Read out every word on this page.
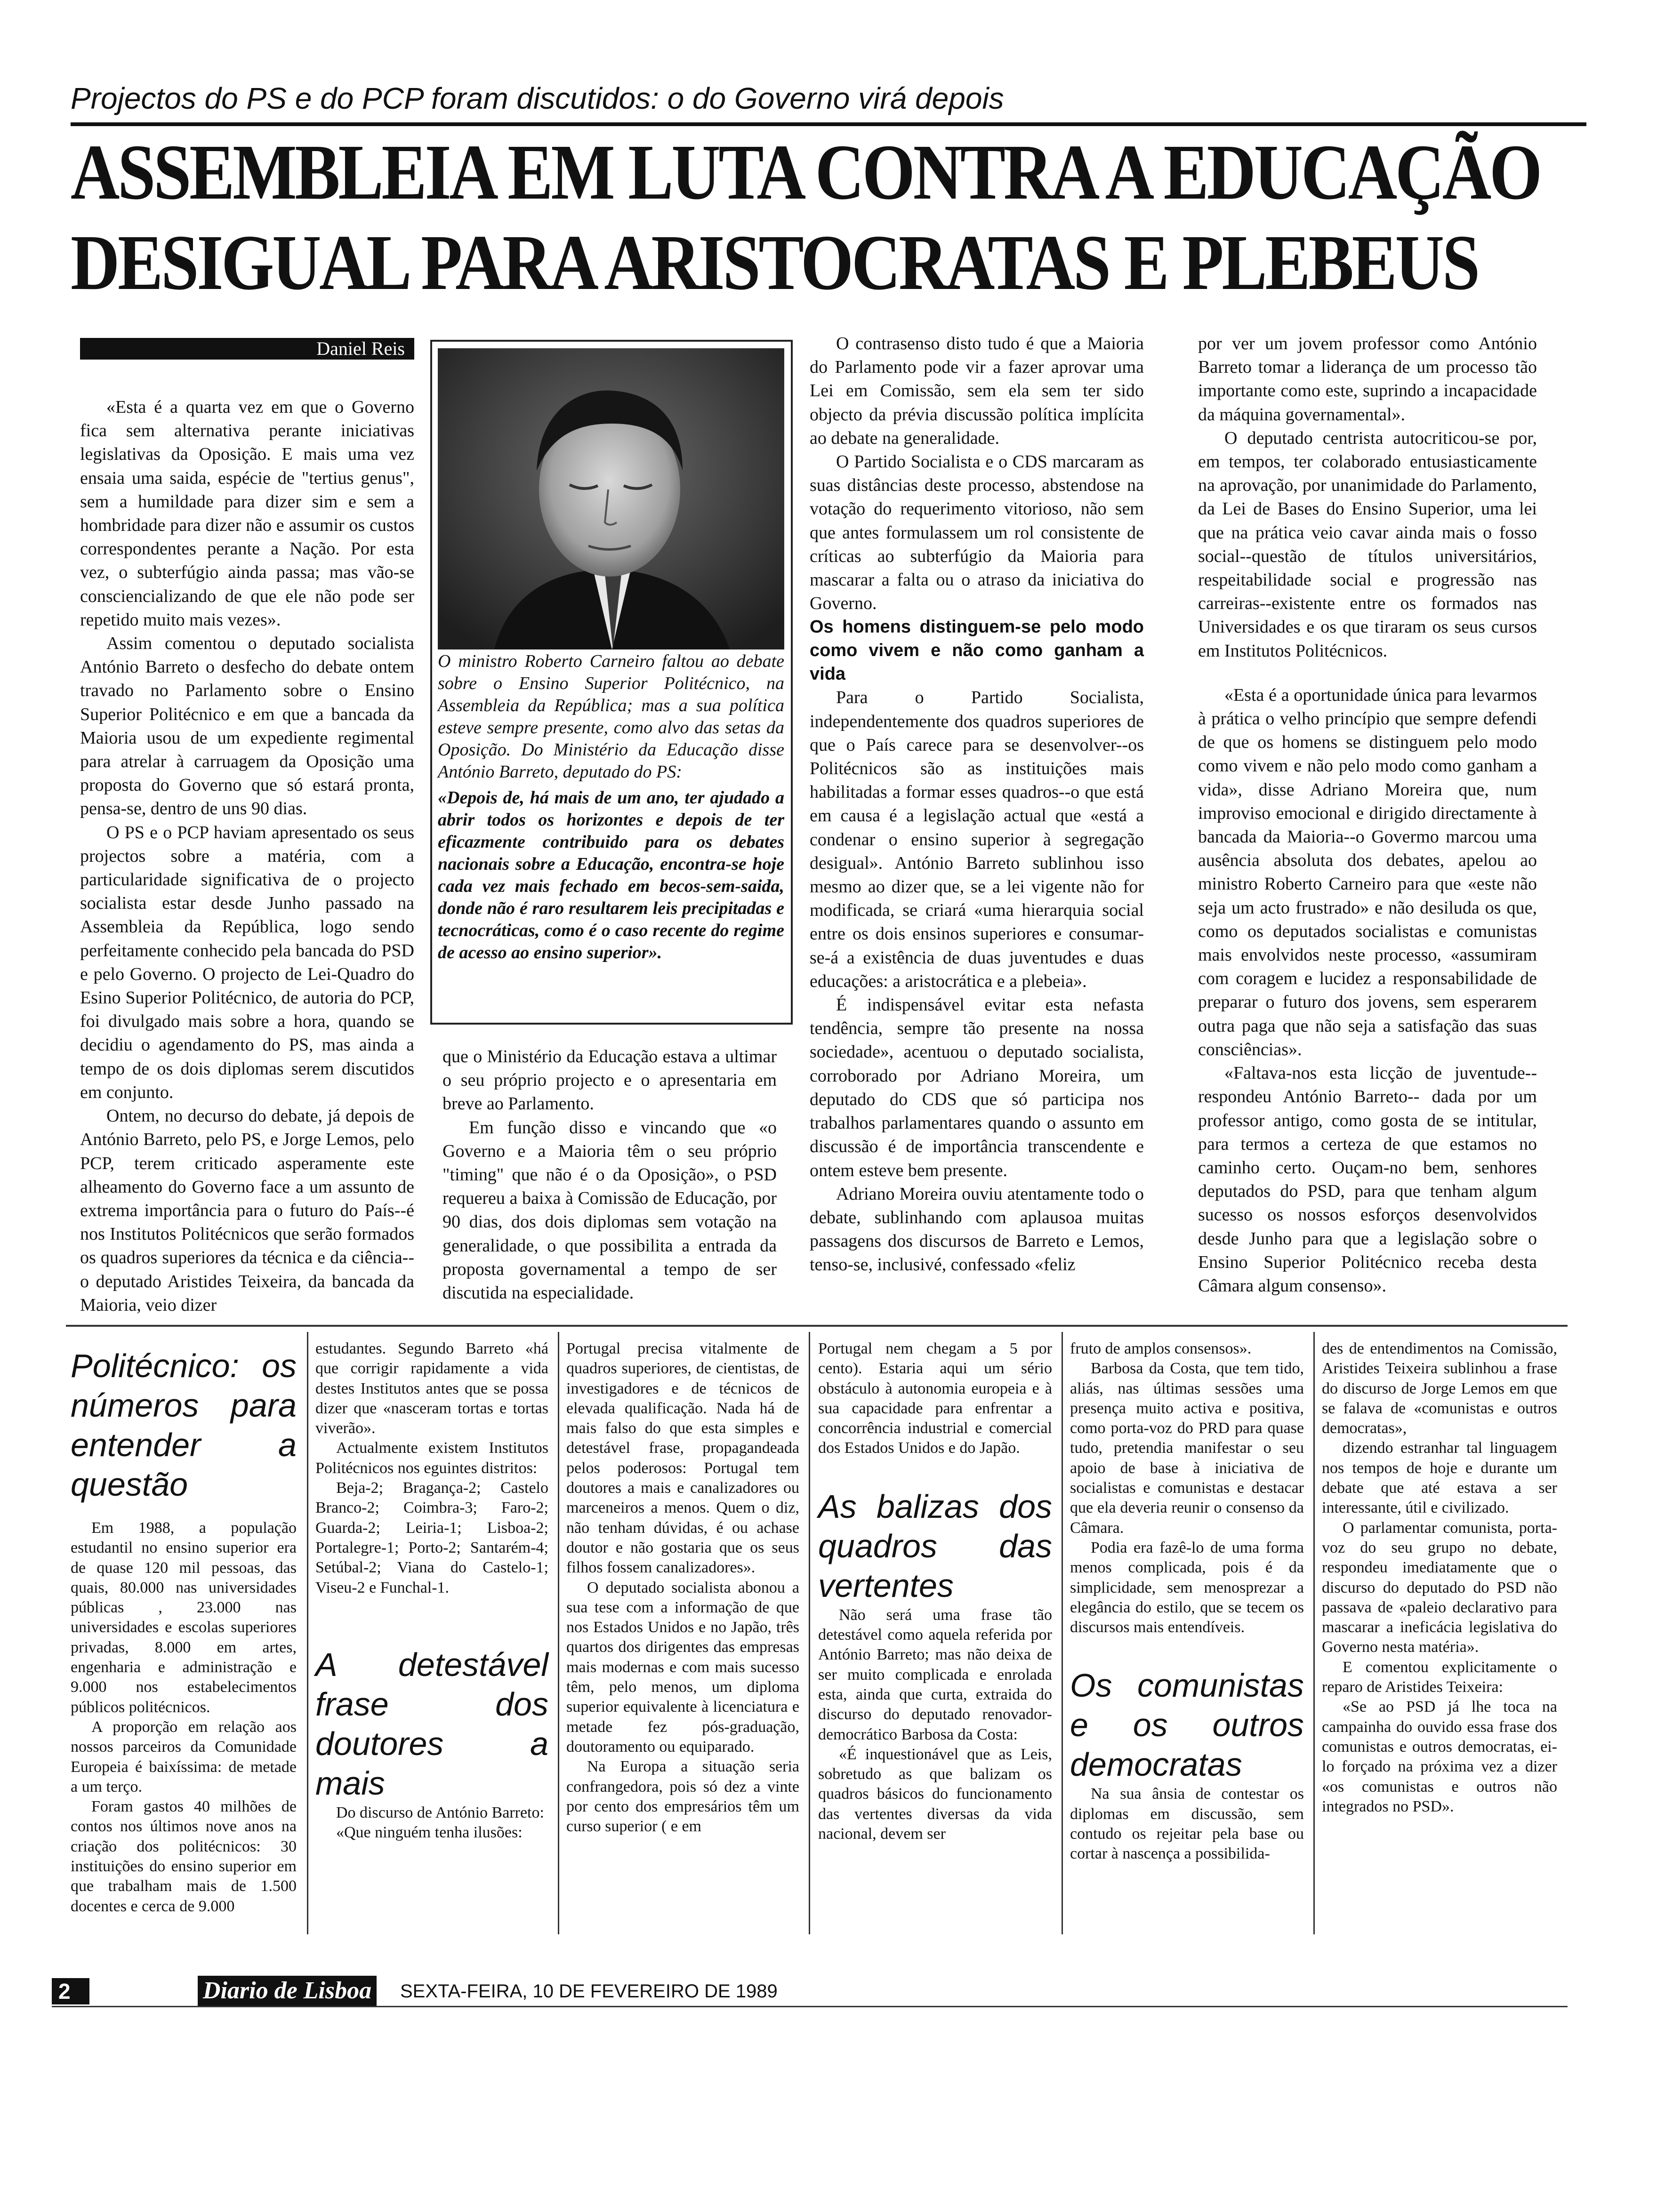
Projectos do PS e do PCP foram discutidos: o do Governo virá depois
ASSEMBLEIA EM LUTA CONTRA A EDUCAÇÃO
DESIGUAL PARA ARISTOCRATAS E PLEBEUS
Daniel Reis

«Esta é a quarta vez em que o Governo fica sem alternativa perante iniciativas legislativas da Oposição. E mais uma vez ensaia uma saida, espécie de "tertius genus", sem a humildade para dizer sim e sem a hombridade para dizer não e assumir os custos correspondentes perante a Nação. Por esta vez, o subterfúgio ainda passa; mas vão-se consciencializando de que ele não pode ser repetido muito mais vezes».

Assim comentou o deputado socialista António Barreto o desfecho do debate ontem travado no Parlamento sobre o Ensino Superior Politécnico e em que a bancada da Maioria usou de um expediente regimental para atrelar à carruagem da Oposição uma proposta do Governo que só estará pronta, pensa-se, dentro de uns 90 dias.

O PS e o PCP haviam apresentado os seus projectos sobre a matéria, com a particularidade significativa de o projecto socialista estar desde Junho passado na Assembleia da República, logo sendo perfeitamente conhecido pela bancada do PSD e pelo Governo. O projecto de Lei-Quadro do Esino Superior Politécnico, de autoria do PCP, foi divulgado mais sobre a hora, quando se decidiu o agendamento do PS, mas ainda a tempo de os dois diplomas serem discutidos em conjunto.

Ontem, no decurso do debate, já depois de António Barreto, pelo PS, e Jorge Lemos, pelo PCP, terem criticado asperamente este alheamento do Governo face a um assunto de extrema importância para o futuro do País--é nos Institutos Politécnicos que serão formados os quadros superiores da técnica e da ciência-- o deputado Aristides Teixeira, da bancada da Maioria, veio dizer

O ministro Roberto Carneiro faltou ao debate sobre o Ensino Superior Politécnico, na Assembleia da República; mas a sua política esteve sempre presente, como alvo das setas da Oposição. Do Ministério da Educação disse António Barreto, deputado do PS:

«Depois de, há mais de um ano, ter ajudado a abrir todos os horizontes e depois de ter eficazmente contribuido para os debates nacionais sobre a Educação, encontra-se hoje cada vez mais fechado em becos-sem-saida, donde não é raro resultarem leis precipitadas e tecnocráticas, como é o caso recente do regime de acesso ao ensino superior».

que o Ministério da Educação estava a ultimar o seu próprio projecto e o apresentaria em breve ao Parlamento.

Em função disso e vincando que «o Governo e a Maioria têm o seu próprio "timing" que não é o da Oposição», o PSD requereu a baixa à Comissão de Educação, por 90 dias, dos dois diplomas sem votação na generalidade, o que possibilita a entrada da proposta governamental a tempo de ser discutida na especialidade.

O contrasenso disto tudo é que a Maioria do Parlamento pode vir a fazer aprovar uma Lei em Comissão, sem ela sem ter sido objecto da prévia discussão política implícita ao debate na generalidade.

O Partido Socialista e o CDS marcaram as suas distâncias deste processo, abstendose na votação do requerimento vitorioso, não sem que antes formulassem um rol consistente de críticas ao subterfúgio da Maioria para mascarar a falta ou o atraso da iniciativa do Governo.

Os homens distinguem-se pelo modo como vivem e não como ganham a vida

Para o Partido Socialista, independentemente dos quadros superiores de que o País carece para se desenvolver--os Politécnicos são as instituições mais habilitadas a formar esses quadros--o que está em causa é a legislação actual que «está a condenar o ensino superior à segregação desigual». António Barreto sublinhou isso mesmo ao dizer que, se a lei vigente não for modificada, se criará «uma hierarquia social entre os dois ensinos superiores e consumar-se-á a existência de duas juventudes e duas educações: a aristocrática e a plebeia».

É indispensável evitar esta nefasta tendência, sempre tão presente na nossa sociedade», acentuou o deputado socialista, corroborado por Adriano Moreira, um deputado do CDS que só participa nos trabalhos parlamentares quando o assunto em discussão é de importância transcendente e ontem esteve bem presente.

Adriano Moreira ouviu atentamente todo o debate, sublinhando com aplausoa muitas passagens dos discursos de Barreto e Lemos, tenso-se, inclusivé, confessado «feliz

por ver um jovem professor como António Barreto tomar a liderança de um processo tão importante como este, suprindo a incapacidade da máquina governamental».

O deputado centrista autocriticou-se por, em tempos, ter colaborado entusiasticamente na aprovação, por unanimidade do Parlamento, da Lei de Bases do Ensino Superior, uma lei que na prática veio cavar ainda mais o fosso social--questão de títulos universitários, respeitabilidade social e progressão nas carreiras--existente entre os formados nas Universidades e os que tiraram os seus cursos em Institutos Politécnicos.

«Esta é a oportunidade única para levarmos à prática o velho princípio que sempre defendi de que os homens se distinguem pelo modo como vivem e não pelo modo como ganham a vida», disse Adriano Moreira que, num improviso emocional e dirigido directamente à bancada da Maioria--o Govermo marcou uma ausência absoluta dos debates, apelou ao ministro Roberto Carneiro para que «este não seja um acto frustrado» e não desiluda os que, como os deputados socialistas e comunistas mais envolvidos neste processo, «assumiram com coragem e lucidez a responsabilidade de preparar o futuro dos jovens, sem esperarem outra paga que não seja a satisfação das suas consciências».

«Faltava-nos esta licção de juventude--respondeu António Barreto-- dada por um professor antigo, como gosta de se intitular, para termos a certeza de que estamos no caminho certo. Ouçam-no bem, senhores deputados do PSD, para que tenham algum sucesso os nossos esforços desenvolvidos desde Junho para que a legislação sobre o Ensino Superior Politécnico receba desta Câmara algum consenso».

Politécnico: os números para entender a questão

Em 1988, a população estudantil no ensino superior era de quase 120 mil pessoas, das quais, 80.000 nas universidades públicas , 23.000 nas universidades e escolas superiores privadas, 8.000 em artes, engenharia e administração e 9.000 nos estabelecimentos públicos politécnicos.

A proporção em relação aos nossos parceiros da Comunidade Europeia é baixíssima: de metade a um terço.

Foram gastos 40 milhões de contos nos últimos nove anos na criação dos politécnicos: 30 instituições do ensino superior em que trabalham mais de 1.500 docentes e cerca de 9.000

estudantes. Segundo Barreto «há que corrigir rapidamente a vida destes Institutos antes que se possa dizer que «nasceram tortas e tortas viverão».

Actualmente existem Institutos Politécnicos nos eguintes distritos:

Beja-2; Bragança-2; Castelo Branco-2; Coimbra-3; Faro-2; Guarda-2; Leiria-1; Lisboa-2; Portalegre-1; Porto-2; Santarém-4; Setúbal-2; Viana do Castelo-1; Viseu-2 e Funchal-1.

A detestável frase dos doutores a mais

Do discurso de António Barreto:

«Que ninguém tenha ilusões:

Portugal precisa vitalmente de quadros superiores, de cientistas, de investigadores e de técnicos de elevada qualificação. Nada há de mais falso do que esta simples e detestável frase, propagandeada pelos poderosos: Portugal tem doutores a mais e canalizadores ou marceneiros a menos. Quem o diz, não tenham dúvidas, é ou achase doutor e não gostaria que os seus filhos fossem canalizadores».

O deputado socialista abonou a sua tese com a informação de que nos Estados Unidos e no Japão, três quartos dos dirigentes das empresas mais modernas e com mais sucesso têm, pelo menos, um diploma superior equivalente à licenciatura e metade fez pós-graduação, doutoramento ou equiparado.

Na Europa a situação seria confrangedora, pois só dez a vinte por cento dos empresários têm um curso superior ( e em

Portugal nem chegam a 5 por cento). Estaria aqui um sério obstáculo à autonomia europeia e à sua capacidade para enfrentar a concorrência industrial e comercial dos Estados Unidos e do Japão.

As balizas dos quadros das vertentes

Não será uma frase tão detestável como aquela referida por António Barreto; mas não deixa de ser muito complicada e enrolada esta, ainda que curta, extraida do discurso do deputado renovador-democrático Barbosa da Costa:

«É inquestionável que as Leis, sobretudo as que balizam os quadros básicos do funcionamento das vertentes diversas da vida nacional, devem ser

fruto de amplos consensos».

Barbosa da Costa, que tem tido, aliás, nas últimas sessões uma presença muito activa e positiva, como porta-voz do PRD para quase tudo, pretendia manifestar o seu apoio de base à iniciativa de socialistas e comunistas e destacar que ela deveria reunir o consenso da Câmara.

Podia era fazê-lo de uma forma menos complicada, pois é da simplicidade, sem menosprezar a elegância do estilo, que se tecem os discursos mais entendíveis.

Os comunistas e os outros democratas

Na sua ânsia de contestar os diplomas em discussão, sem contudo os rejeitar pela base ou cortar à nascença a possibilida-

des de entendimentos na Comissão, Aristides Teixeira sublinhou a frase do discurso de Jorge Lemos em que se falava de «comunistas e outros democratas»,

dizendo estranhar tal linguagem nos tempos de hoje e durante um debate que até estava a ser interessante, útil e civilizado.

O parlamentar comunista, porta-voz do seu grupo no debate, respondeu imediatamente que o discurso do deputado do PSD não passava de «paleio declarativo para mascarar a ineficácia legislativa do Governo nesta matéria».

E comentou explicitamente o reparo de Aristides Teixeira:

«Se ao PSD já lhe toca na campainha do ouvido essa frase dos comunistas e outros democratas, ei-lo forçado na próxima vez a dizer «os comunistas e outros não integrados no PSD».

2	Diario de Lisboa SEXTA-FEIRA, 10 DE FEVEREIRO DE 1989
